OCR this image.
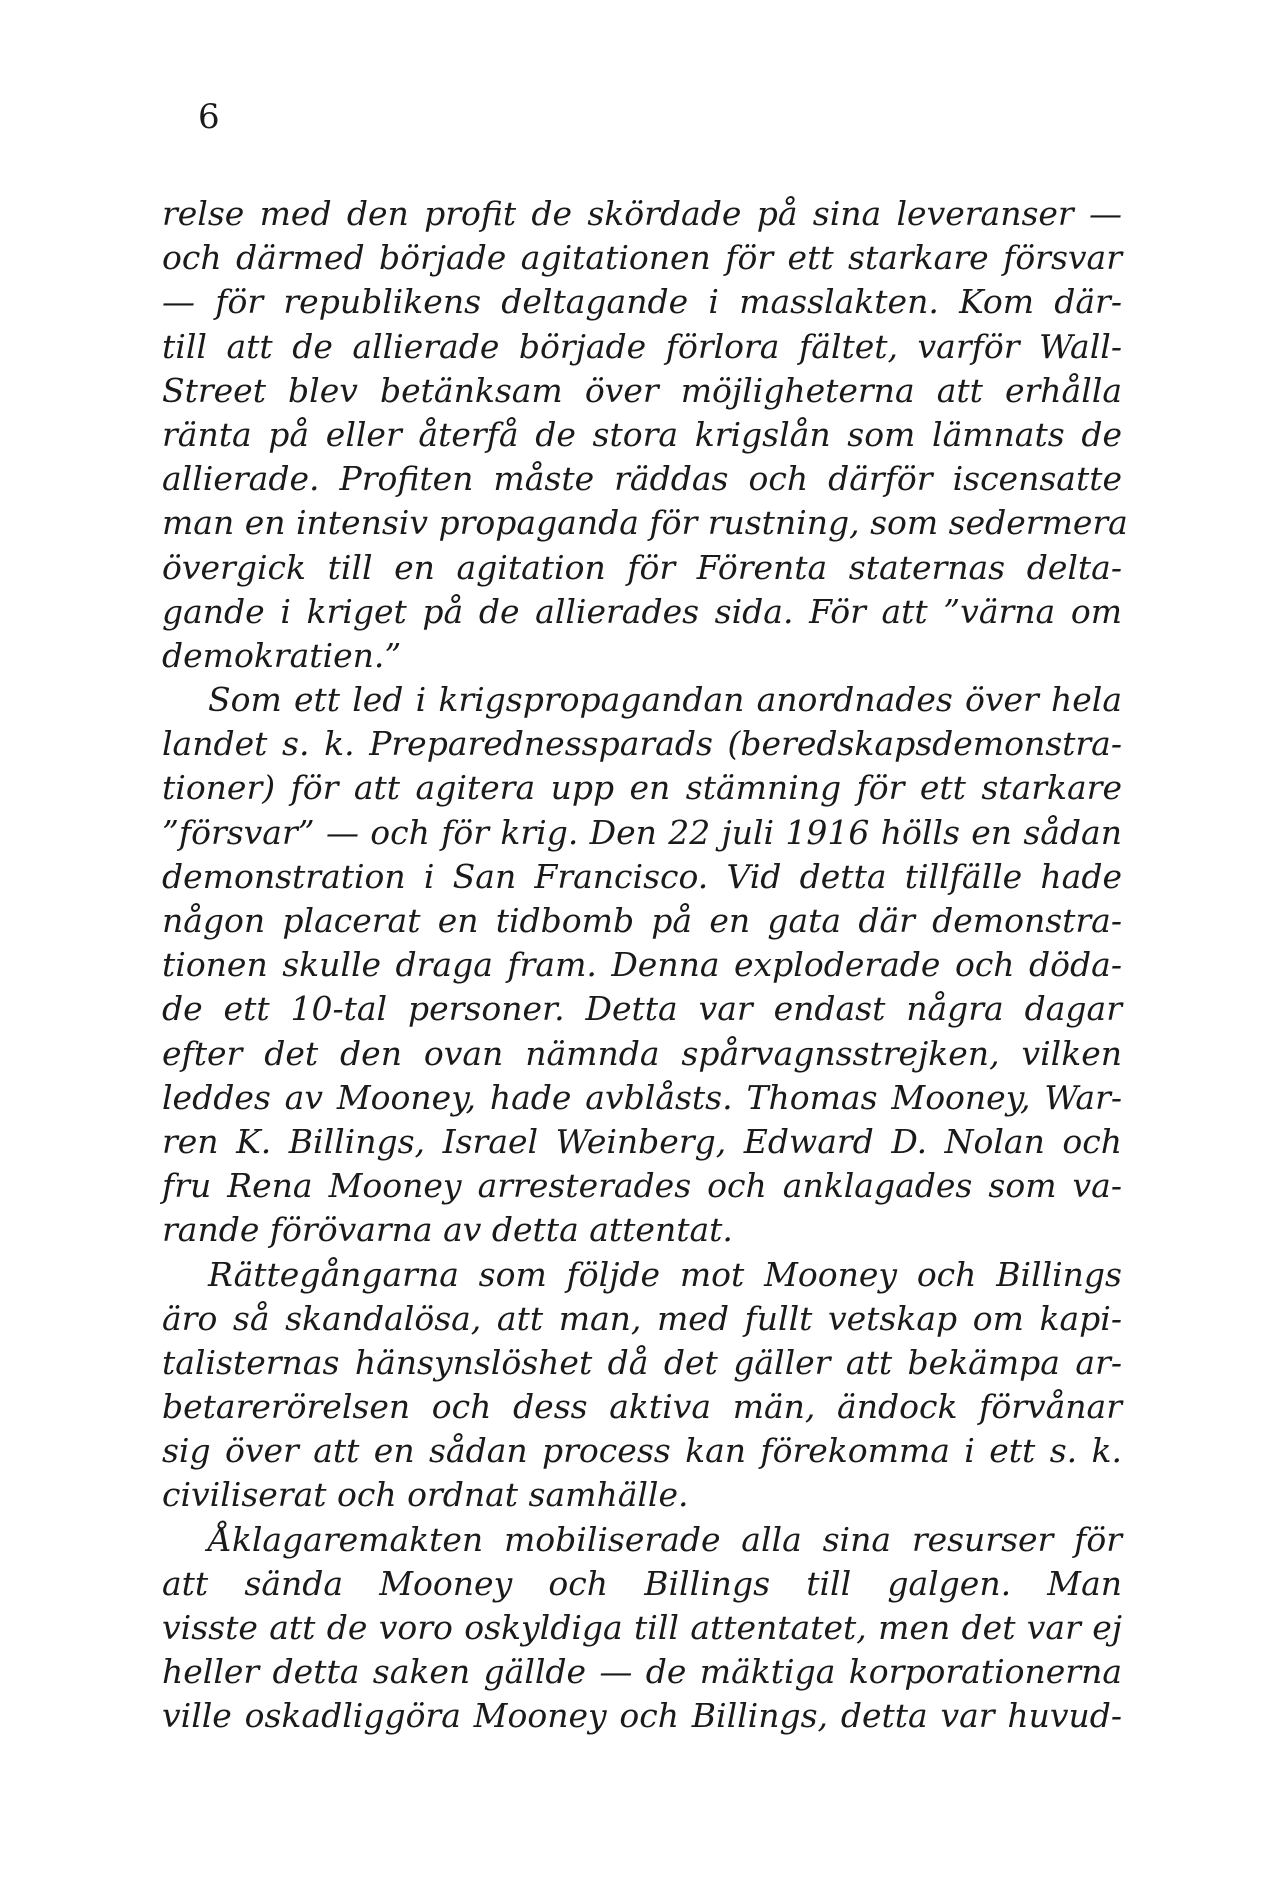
6
relse med den profit de skördade på sina leveranser —
och därmed började agitationen för ett starkare försvar
— för republikens deltagande i masslakten. Kom där-
till att de allierade började förlora fältet, varför Wall-
Street blev betänksam över möjligheterna att erhålla
ränta på eller återfå de stora krigslån som lämnats de
allierade. Profiten måste räddas och därför iscensatte
man en intensiv propaganda för rustning, som sedermera
övergick till en agitation för Förenta staternas delta-
gande i kriget på de allierades sida. För att ”värna om
demokratien.”
Som ett led i krigspropagandan anordnades över hela
landet s. k. Preparednessparads (beredskapsdemonstra-
tioner) för att agitera upp en stämning för ett starkare
”försvar” — och för krig. Den 22 juli 1916 hölls en sådan
demonstration i San Francisco. Vid detta tillfälle hade
någon placerat en tidbomb på en gata där demonstra-
tionen skulle draga fram. Denna exploderade och döda-
de ett 10-tal personer. Detta var endast några dagar
efter det den ovan nämnda spårvagnsstrejken, vilken
leddes av Mooney, hade avblåsts. Thomas Mooney, War-
ren K. Billings, Israel Weinberg, Edward D. Nolan och
fru Rena Mooney arresterades och anklagades som va-
rande förövarna av detta attentat.
Rättegångarna som följde mot Mooney och Billings
äro så skandalösa, att man, med fullt vetskap om kapi-
talisternas hänsynslöshet då det gäller att bekämpa ar-
betarerörelsen och dess aktiva män, ändock förvånar
sig över att en sådan process kan förekomma i ett s. k.
civiliserat och ordnat samhälle.
Åklagaremakten mobiliserade alla sina resurser för
att sända Mooney och Billings till galgen. Man
visste att de voro oskyldiga till attentatet, men det var ej
heller detta saken gällde — de mäktiga korporationerna
ville oskadliggöra Mooney och Billings, detta var huvud-
